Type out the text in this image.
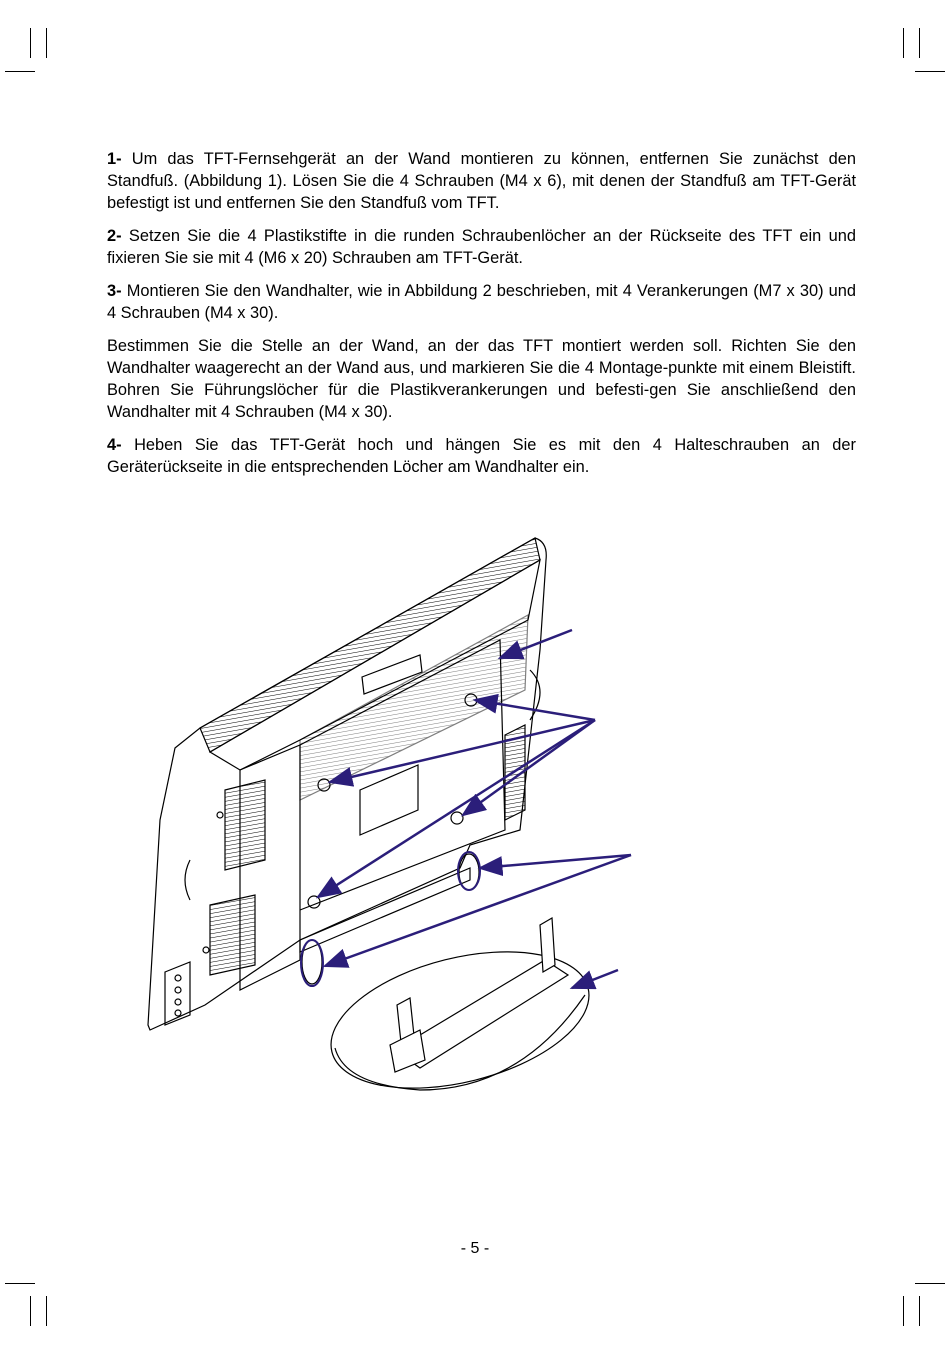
1- Um das TFT-Fernsehgerät an der Wand montieren zu können, entfernen Sie zunächst den Standfuß. (Abbildung 1). Lösen Sie die 4 Schrauben (M4 x 6), mit denen der Standfuß am TFT-Gerät befestigt ist und entfernen Sie den Standfuß vom TFT.

2- Setzen Sie die 4 Plastikstifte in die runden Schraubenlöcher an der Rückseite des TFT ein und fixieren Sie sie mit 4 (M6 x 20) Schrauben am TFT-Gerät.

3- Montieren Sie den Wandhalter, wie in Abbildung 2 beschrieben, mit 4 Verankerungen (M7 x 30) und 4 Schrauben (M4 x 30).

Bestimmen Sie die Stelle an der Wand, an der das TFT montiert werden soll. Richten Sie den Wandhalter waagerecht an der Wand aus, und markieren Sie die 4 Montage-punkte mit einem Bleistift. Bohren Sie Führungslöcher für die Plastikverankerungen und befesti-gen Sie anschließend den Wandhalter mit 4 Schrauben (M4 x 30).

4- Heben Sie das TFT-Gerät hoch und hängen Sie es mit den 4 Halteschrauben an der Geräterückseite in die entsprechenden Löcher am Wandhalter ein.

- 5 -
